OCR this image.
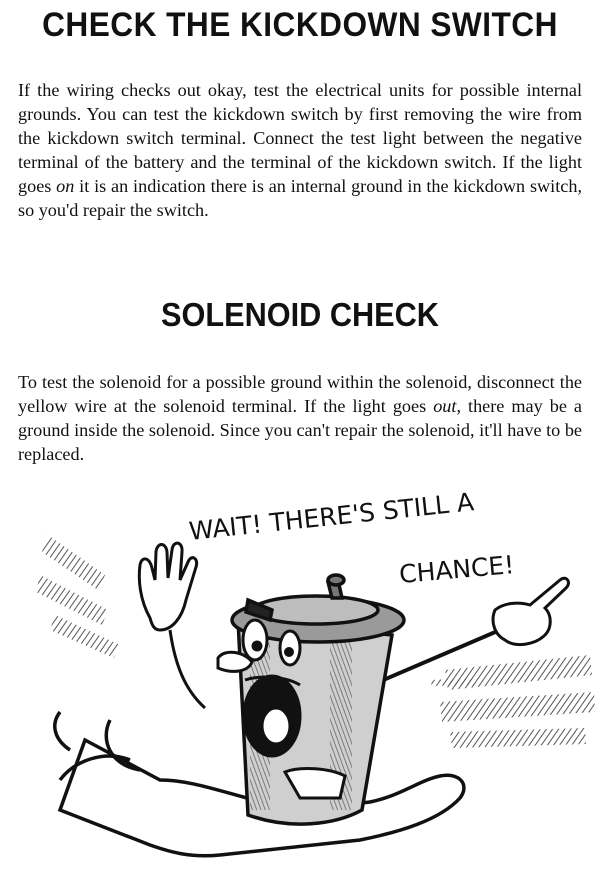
CHECK THE KICKDOWN SWITCH

If the wiring checks out okay, test the electrical units for possible internal grounds. You can test the kickdown switch by first removing the wire from the kickdown switch terminal. Connect the test light between the negative terminal of the battery and the terminal of the kickdown switch. If the light goes on it is an indication there is an internal ground in the kickdown switch, so you'd repair the switch.

SOLENOID CHECK

To test the solenoid for a possible ground within the solenoid, disconnect the yellow wire at the solenoid terminal. If the light goes out, there may be a ground inside the solenoid. Since you can't repair the solenoid, it'll have to be replaced.

WAIT! THERE'S STILL A
CHANCE!
